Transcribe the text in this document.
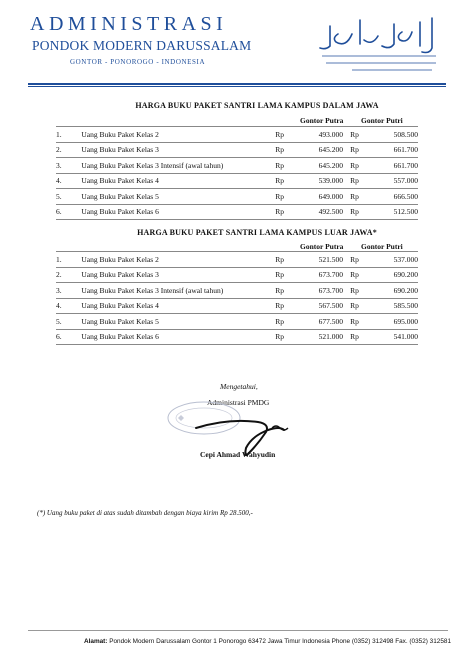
ADMINISTRASI
PONDOK MODERN DARUSSALAM
GONTOR - PONOROGO - INDONESIA
HARGA BUKU PAKET SANTRI LAMA KAMPUS DALAM JAWA
Gontor Putra Gontor Putri
1.	Uang Buku Paket Kelas 2	Rp	493.000	Rp	508.500
2.	Uang Buku Paket Kelas 3	Rp	645.200	Rp	661.700
3.	Uang Buku Paket Kelas 3 Intensif (awal tahun)	Rp	645.200	Rp	661.700
4.	Uang Buku Paket Kelas 4	Rp	539.000	Rp	557.000
5.	Uang Buku Paket Kelas 5	Rp	649.000	Rp	666.500
6.	Uang Buku Paket Kelas 6	Rp	492.500	Rp	512.500
HARGA BUKU PAKET SANTRI LAMA KAMPUS LUAR JAWA*
Gontor Putra Gontor Putri
1.	Uang Buku Paket Kelas 2	Rp	521.500	Rp	537.000
2.	Uang Buku Paket Kelas 3	Rp	673.700	Rp	690.200
3.	Uang Buku Paket Kelas 3 Intensif (awal tahun)	Rp	673.700	Rp	690.200
4.	Uang Buku Paket Kelas 4	Rp	567.500	Rp	585.500
5.	Uang Buku Paket Kelas 5	Rp	677.500	Rp	695.000
6.	Uang Buku Paket Kelas 6	Rp	521.000	Rp	541.000
Mengetahui,
Administrasi PMDG
Cepi Ahmad Wahyudin
(*) Uang buku paket di atas sudah ditambah dengan biaya kirim Rp 28.500,-
Alamat: Pondok Modern Darussalam Gontor 1 Ponorogo 63472 Jawa Timur Indonesia Phone (0352) 312498 Fax. (0352) 312581
